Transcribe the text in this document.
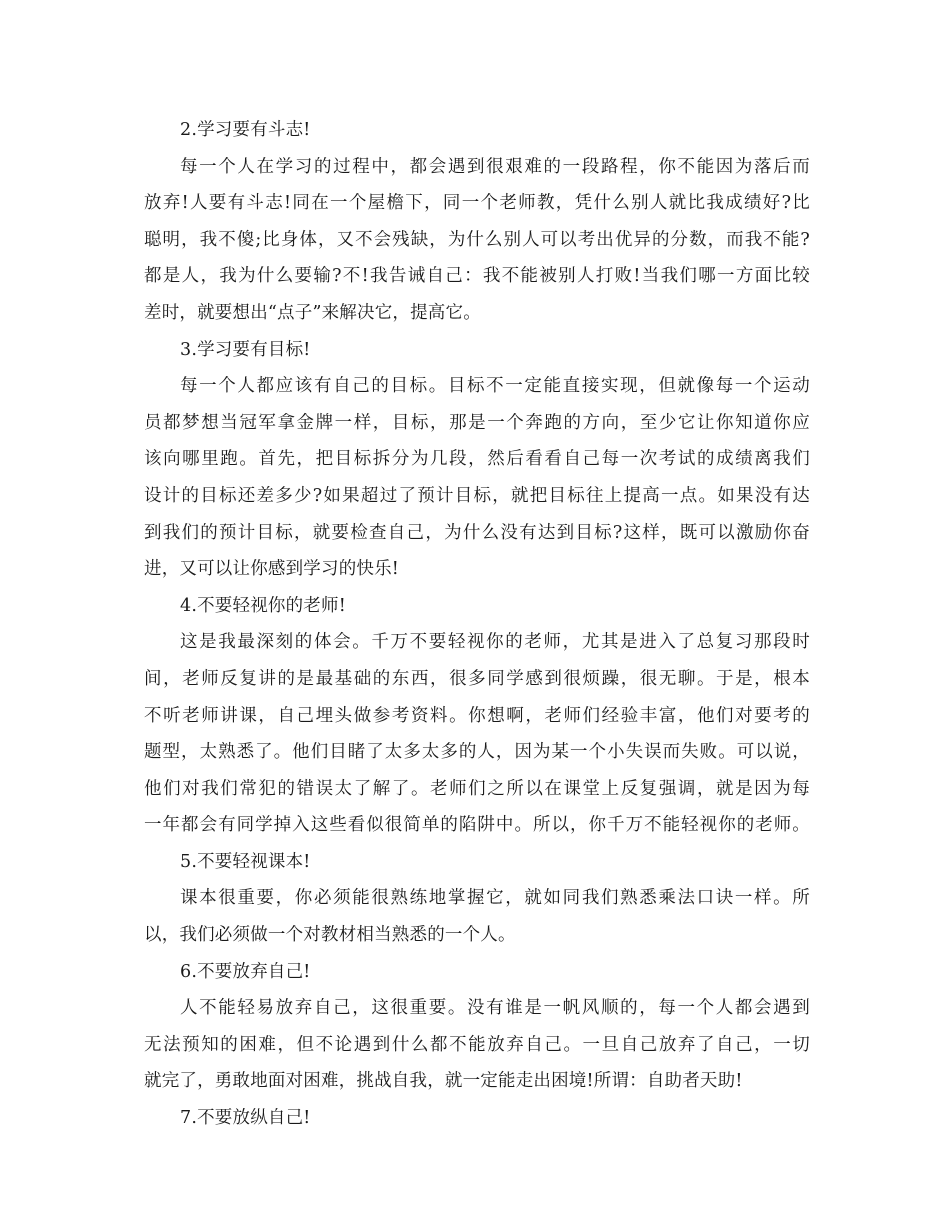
2.学习要有斗志!
每一个人在学习的过程中，都会遇到很艰难的一段路程，你不能因为落后而
放弃!人要有斗志!同在一个屋檐下，同一个老师教，凭什么别人就比我成绩好?比
聪明，我不傻;比身体，又不会残缺，为什么别人可以考出优异的分数，而我不能?
都是人，我为什么要输?不!我告诫自己：我不能被别人打败!当我们哪一方面比较
差时，就要想出“点子”来解决它，提高它。
3.学习要有目标!
每一个人都应该有自己的目标。目标不一定能直接实现，但就像每一个运动
员都梦想当冠军拿金牌一样，目标，那是一个奔跑的方向，至少它让你知道你应
该向哪里跑。首先，把目标拆分为几段，然后看看自己每一次考试的成绩离我们
设计的目标还差多少?如果超过了预计目标，就把目标往上提高一点。如果没有达
到我们的预计目标，就要检查自己，为什么没有达到目标?这样，既可以激励你奋
进，又可以让你感到学习的快乐!
4.不要轻视你的老师!
这是我最深刻的体会。千万不要轻视你的老师，尤其是进入了总复习那段时
间，老师反复讲的是最基础的东西，很多同学感到很烦躁，很无聊。于是，根本
不听老师讲课，自己埋头做参考资料。你想啊，老师们经验丰富，他们对要考的
题型，太熟悉了。他们目睹了太多太多的人，因为某一个小失误而失败。可以说，
他们对我们常犯的错误太了解了。老师们之所以在课堂上反复强调，就是因为每
一年都会有同学掉入这些看似很简单的陷阱中。所以，你千万不能轻视你的老师。
5.不要轻视课本!
课本很重要，你必须能很熟练地掌握它，就如同我们熟悉乘法口诀一样。所
以，我们必须做一个对教材相当熟悉的一个人。
6.不要放弃自己!
人不能轻易放弃自己，这很重要。没有谁是一帆风顺的，每一个人都会遇到
无法预知的困难，但不论遇到什么都不能放弃自己。一旦自己放弃了自己，一切
就完了，勇敢地面对困难，挑战自我，就一定能走出困境!所谓：自助者天助!
7.不要放纵自己!
